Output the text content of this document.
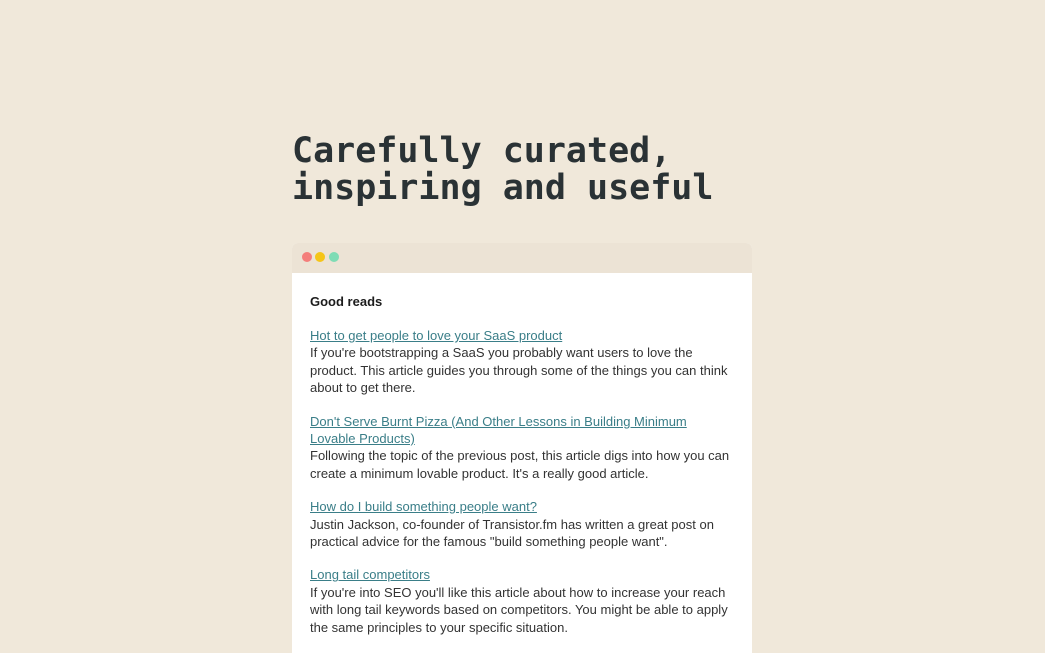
Carefully curated,
inspiring and useful
Good reads
Hot to get people to love your SaaS product

If you're bootstrapping a SaaS you probably want users to love the product. This article guides you through some of the things you can think about to get there.

Don't Serve Burnt Pizza (And Other Lessons in Building Minimum Lovable Products)

Following the topic of the previous post, this article digs into how you can create a minimum lovable product. It's a really good article.

How do I build something people want?

Justin Jackson, co-founder of Transistor.fm has written a great post on practical advice for the famous "build something people want".

Long tail competitors

If you're into SEO you'll like this article about how to increase your reach with long tail keywords based on competitors. You might be able to apply the same principles to your specific situation.
